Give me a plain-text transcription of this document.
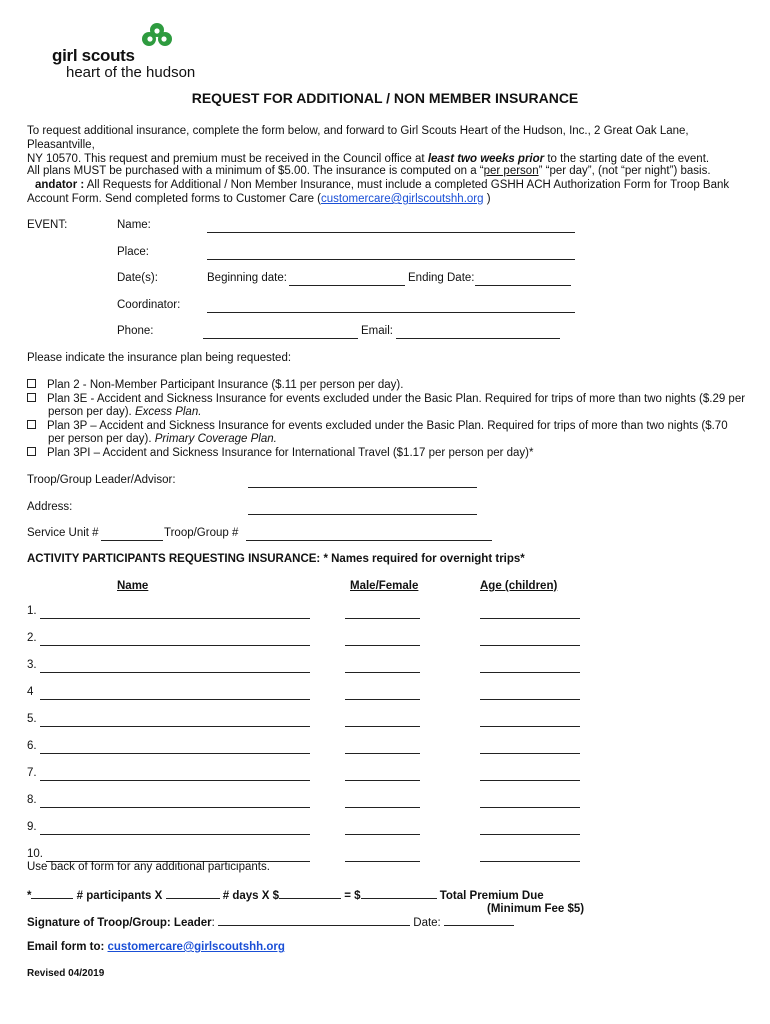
girl scouts
heart of the hudson
REQUEST FOR ADDITIONAL / NON MEMBER INSURANCE
To request additional insurance, complete the form below, and forward to Girl Scouts Heart of the Hudson, Inc., 2 Great Oak Lane, Pleasantville,
NY 10570. This request and premium must be received in the Council office at least two weeks prior to the starting date of the event.
All plans MUST be purchased with a minimum of $5.00. The insurance is computed on a “per person” “per day”, (not “per night”) basis.
andator : All Requests for Additional / Non Member Insurance, must include a completed GSHH ACH Authorization Form for Troop Bank
Account Form. Send completed forms to Customer Care (customercare@girlscoutshh.org )
EVENT:	Name:
Place:
Date(s):	Beginning date:	Ending Date:
Coordinator:
Phone:	Email:
Please indicate the insurance plan being requested:
Plan 2 - Non-Member Participant Insurance ($.11 per person per day).
Plan 3E - Accident and Sickness Insurance for events excluded under the Basic Plan. Required for trips of more than two nights ($.29 per
person per day). Excess Plan.
Plan 3P – Accident and Sickness Insurance for events excluded under the Basic Plan. Required for trips of more than two nights ($.70
per person per day). Primary Coverage Plan.
Plan 3PI – Accident and Sickness Insurance for International Travel ($1.17 per person per day)*
Troop/Group Leader/Advisor:
Address:
Service Unit #	Troop/Group #
ACTIVITY PARTICIPANTS REQUESTING INSURANCE: * Names required for overnight trips*
Name	Male/Female	Age (children)
1.
2.
3.
4
5.
6.
7.
8.
9.
10.
Use back of form for any additional participants.
*	# participants X	# days X $	= $	Total Premium Due
(Minimum Fee $5)
Signature of Troop/Group: Leader:	Date:
Email form to: customercare@girlscoutshh.org
Revised 04/2019
